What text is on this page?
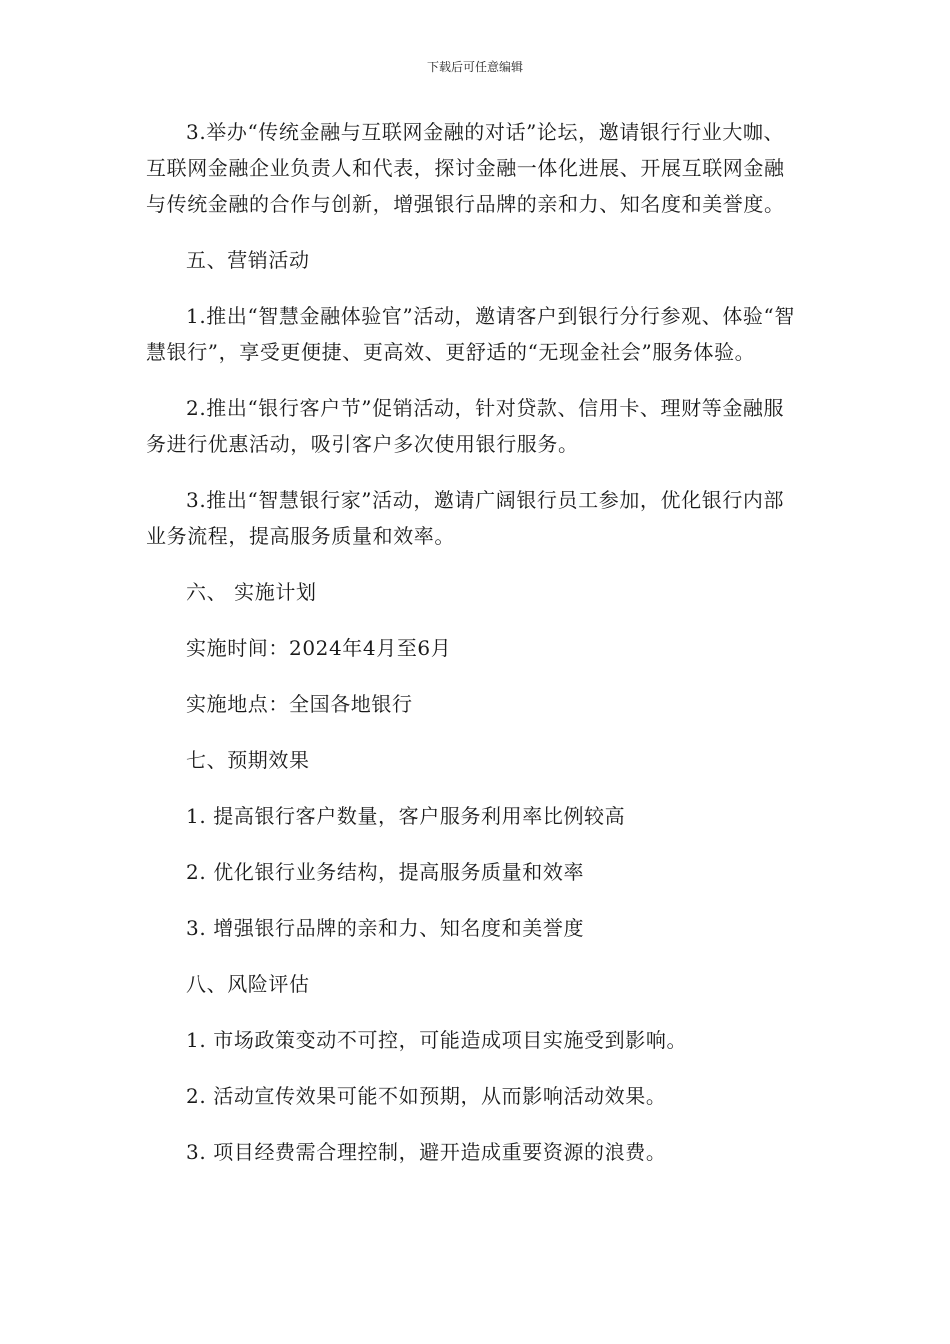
下载后可任意编辑

3.举办“传统金融与互联网金融的对话”论坛，邀请银行行业大咖、互联网金融企业负责人和代表，探讨金融一体化进展、开展互联网金融与传统金融的合作与创新，增强银行品牌的亲和力、知名度和美誉度。

五、营销活动

1.推出“智慧金融体验官”活动，邀请客户到银行分行参观、体验“智慧银行”，享受更便捷、更高效、更舒适的“无现金社会”服务体验。

2.推出“银行客户节”促销活动，针对贷款、信用卡、理财等金融服务进行优惠活动，吸引客户多次使用银行服务。

3.推出“智慧银行家”活动，邀请广阔银行员工参加，优化银行内部业务流程，提高服务质量和效率。

六、 实施计划

实施时间：2024年4月至6月

实施地点：全国各地银行

七、预期效果

1. 提高银行客户数量，客户服务利用率比例较高

2. 优化银行业务结构，提高服务质量和效率

3. 增强银行品牌的亲和力、知名度和美誉度

八、风险评估

1. 市场政策变动不可控，可能造成项目实施受到影响。

2. 活动宣传效果可能不如预期，从而影响活动效果。

3. 项目经费需合理控制，避开造成重要资源的浪费。
